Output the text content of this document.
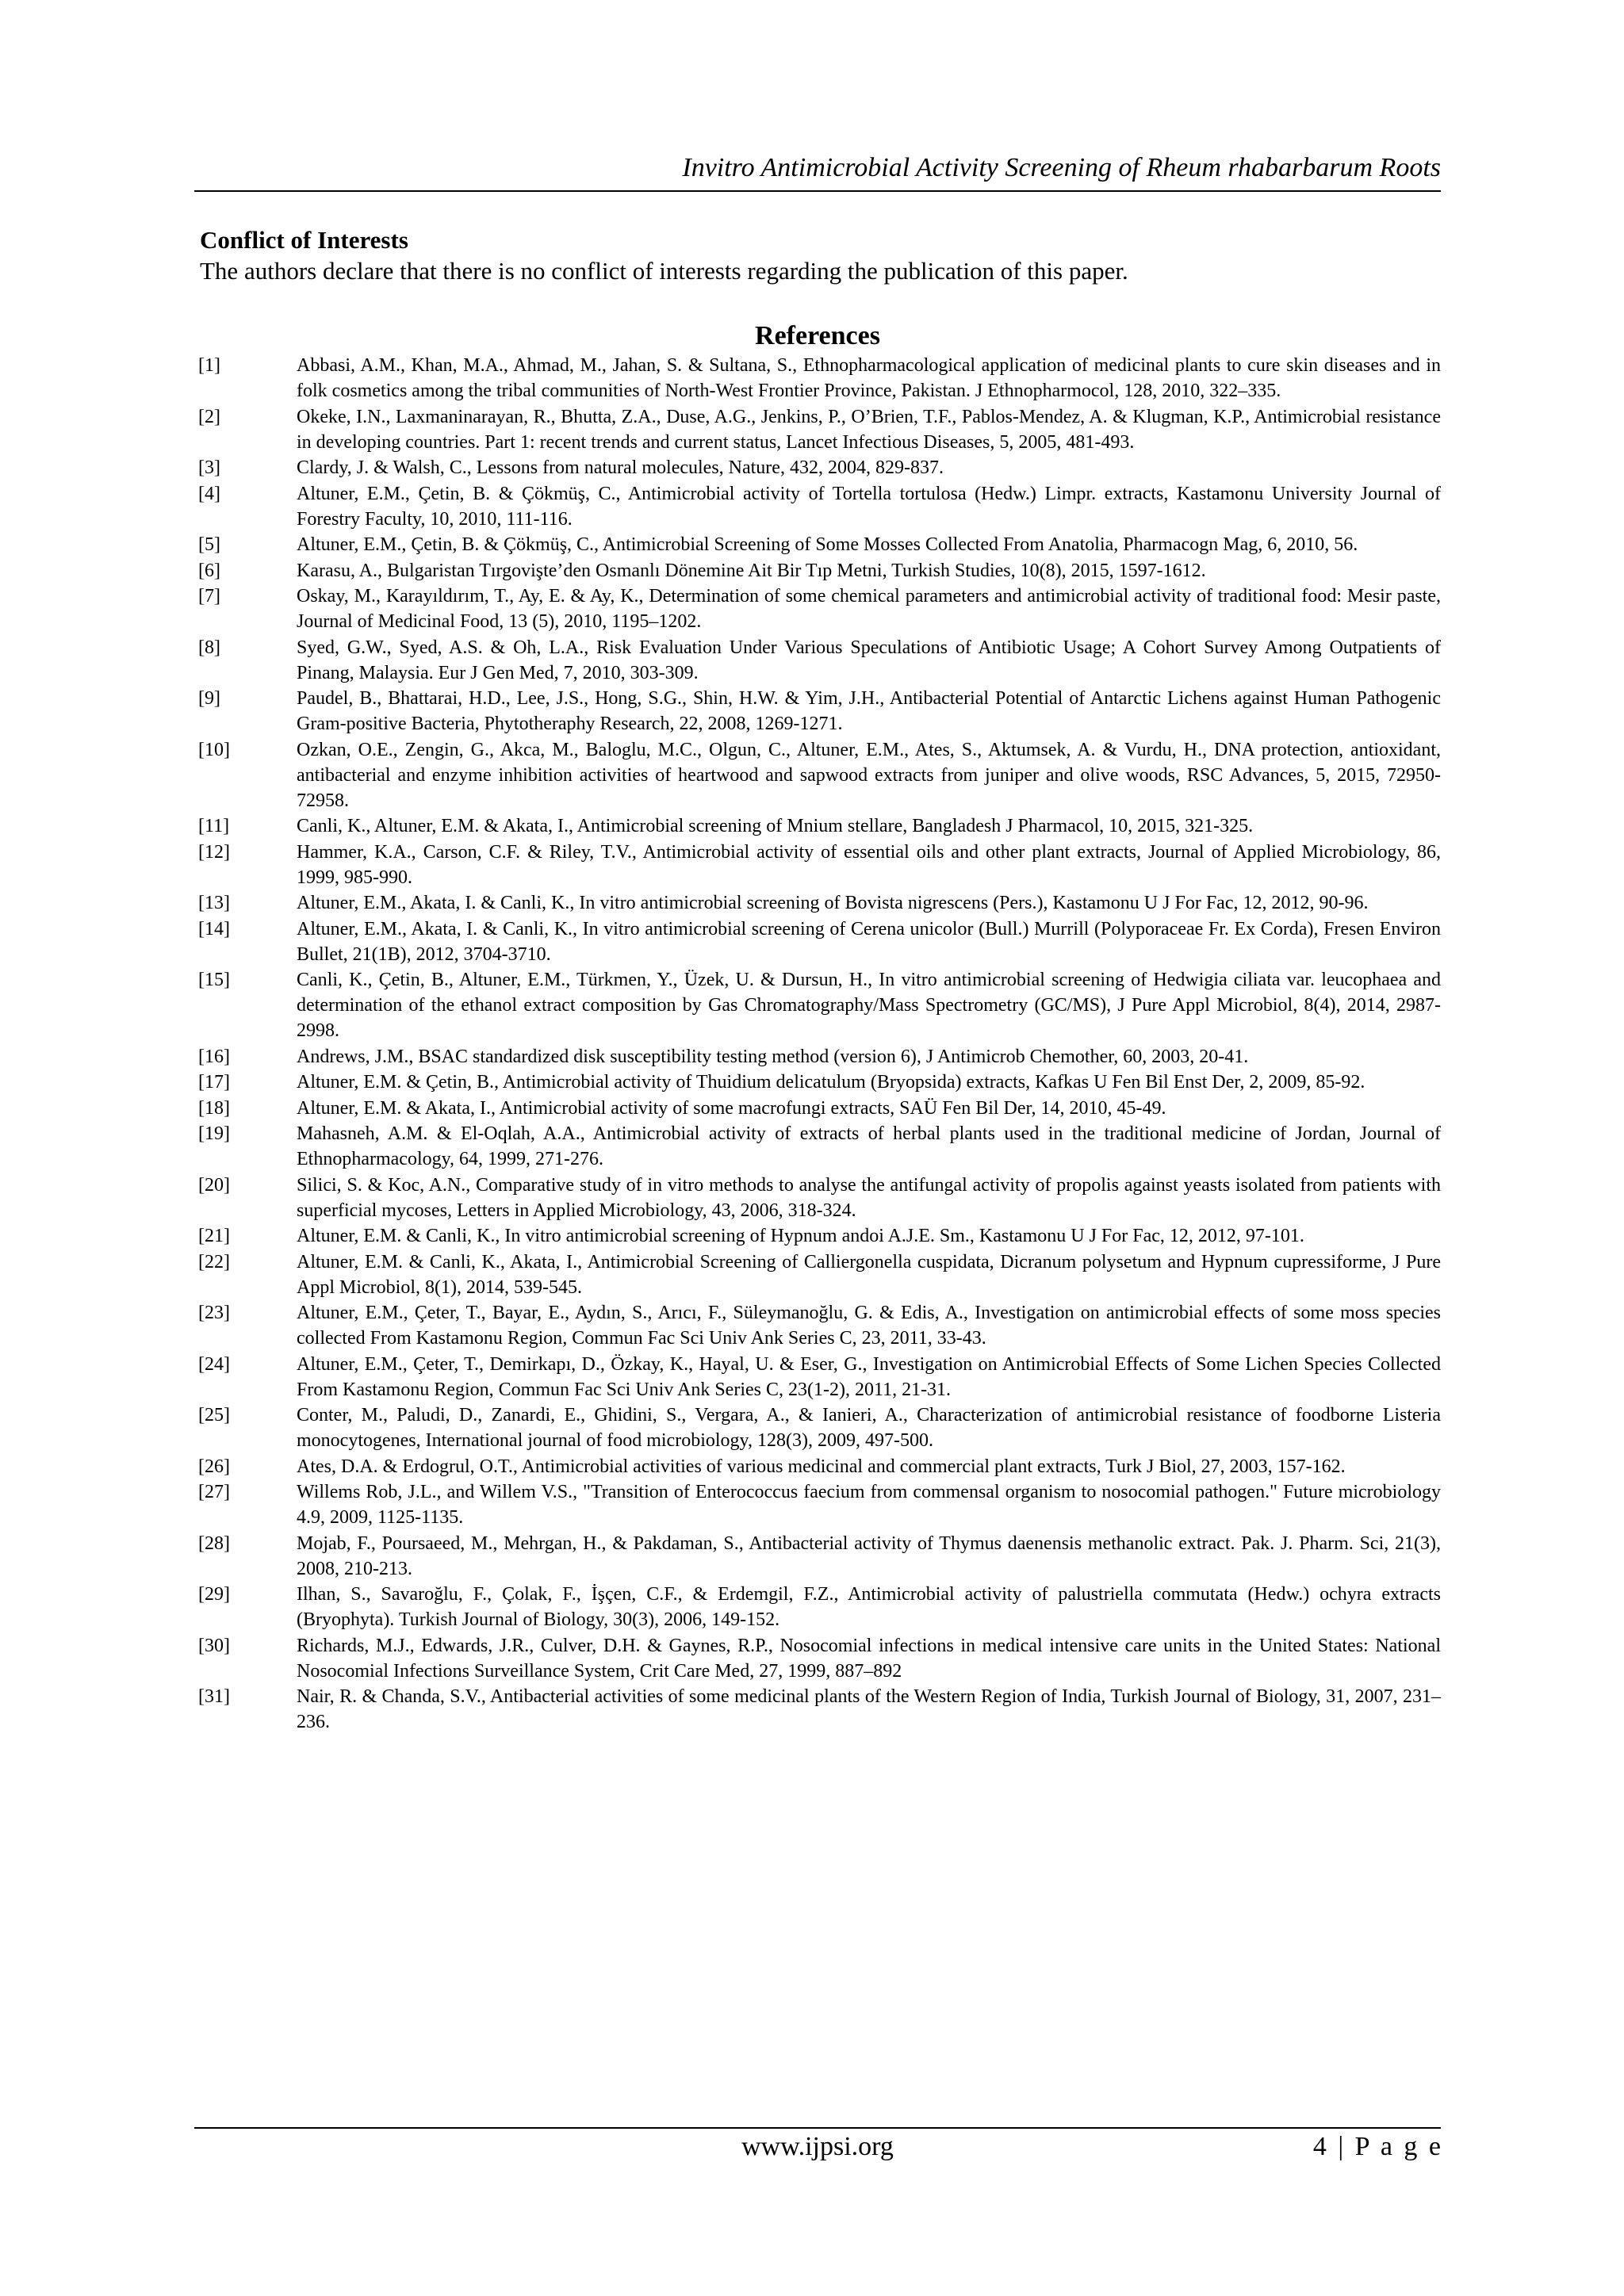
Invitro Antimicrobial Activity Screening of Rheum rhabarbarum Roots
Conflict of Interests
The authors declare that there is no conflict of interests regarding the publication of this paper.
References
[1]	Abbasi, A.M., Khan, M.A., Ahmad, M., Jahan, S. & Sultana, S., Ethnopharmacological application of medicinal plants to cure skin diseases and in folk cosmetics among the tribal communities of North-West Frontier Province, Pakistan. J Ethnopharmocol, 128, 2010, 322–335.
[2]	Okeke, I.N., Laxmaninarayan, R., Bhutta, Z.A., Duse, A.G., Jenkins, P., O’Brien, T.F., Pablos-Mendez, A. & Klugman, K.P., Antimicrobial resistance in developing countries. Part 1: recent trends and current status, Lancet Infectious Diseases, 5, 2005, 481-493.
[3]	Clardy, J. & Walsh, C., Lessons from natural molecules, Nature, 432, 2004, 829-837.
[4]	Altuner, E.M., Çetin, B. & Çökmüş, C., Antimicrobial activity of Tortella tortulosa (Hedw.) Limpr. extracts, Kastamonu University Journal of Forestry Faculty, 10, 2010, 111-116.
[5]	Altuner, E.M., Çetin, B. & Çökmüş, C., Antimicrobial Screening of Some Mosses Collected From Anatolia, Pharmacogn Mag, 6, 2010, 56.
[6]	Karasu, A., Bulgaristan Tırgovişte’den Osmanlı Dönemine Ait Bir Tıp Metni, Turkish Studies, 10(8), 2015, 1597-1612.
[7]	Oskay, M., Karayıldırım, T., Ay, E. & Ay, K., Determination of some chemical parameters and antimicrobial activity of traditional food: Mesir paste, Journal of Medicinal Food, 13 (5), 2010, 1195–1202.
[8]	Syed, G.W., Syed, A.S. & Oh, L.A., Risk Evaluation Under Various Speculations of Antibiotic Usage; A Cohort Survey Among Outpatients of Pinang, Malaysia. Eur J Gen Med, 7, 2010, 303-309.
[9]	Paudel, B., Bhattarai, H.D., Lee, J.S., Hong, S.G., Shin, H.W. & Yim, J.H., Antibacterial Potential of Antarctic Lichens against Human Pathogenic Gram-positive Bacteria, Phytotheraphy Research, 22, 2008, 1269-1271.
[10]	Ozkan, O.E., Zengin, G., Akca, M., Baloglu, M.C., Olgun, C., Altuner, E.M., Ates, S., Aktumsek, A. & Vurdu, H., DNA protection, antioxidant, antibacterial and enzyme inhibition activities of heartwood and sapwood extracts from juniper and olive woods, RSC Advances, 5, 2015, 72950-72958.
[11]	Canli, K., Altuner, E.M. & Akata, I., Antimicrobial screening of Mnium stellare, Bangladesh J Pharmacol, 10, 2015, 321-325.
[12]	Hammer, K.A., Carson, C.F. & Riley, T.V., Antimicrobial activity of essential oils and other plant extracts, Journal of Applied Microbiology, 86, 1999, 985-990.
[13]	Altuner, E.M., Akata, I. & Canli, K., In vitro antimicrobial screening of Bovista nigrescens (Pers.), Kastamonu U J For Fac, 12, 2012, 90-96.
[14]	Altuner, E.M., Akata, I. & Canli, K., In vitro antimicrobial screening of Cerena unicolor (Bull.) Murrill (Polyporaceae Fr. Ex Corda), Fresen Environ Bullet, 21(1B), 2012, 3704-3710.
[15]	Canli, K., Çetin, B., Altuner, E.M., Türkmen, Y., Üzek, U. & Dursun, H., In vitro antimicrobial screening of Hedwigia ciliata var. leucophaea and determination of the ethanol extract composition by Gas Chromatography/Mass Spectrometry (GC/MS), J Pure Appl Microbiol, 8(4), 2014, 2987-2998.
[16]	Andrews, J.M., BSAC standardized disk susceptibility testing method (version 6), J Antimicrob Chemother, 60, 2003, 20-41.
[17]	Altuner, E.M. & Çetin, B., Antimicrobial activity of Thuidium delicatulum (Bryopsida) extracts, Kafkas U Fen Bil Enst Der, 2, 2009, 85-92.
[18]	Altuner, E.M. & Akata, I., Antimicrobial activity of some macrofungi extracts, SAÜ Fen Bil Der, 14, 2010, 45-49.
[19]	Mahasneh, A.M. & El-Oqlah, A.A., Antimicrobial activity of extracts of herbal plants used in the traditional medicine of Jordan, Journal of Ethnopharmacology, 64, 1999, 271-276.
[20]	Silici, S. & Koc, A.N., Comparative study of in vitro methods to analyse the antifungal activity of propolis against yeasts isolated from patients with superficial mycoses, Letters in Applied Microbiology, 43, 2006, 318-324.
[21]	Altuner, E.M. & Canli, K., In vitro antimicrobial screening of Hypnum andoi A.J.E. Sm., Kastamonu U J For Fac, 12, 2012, 97-101.
[22]	Altuner, E.M. & Canli, K., Akata, I., Antimicrobial Screening of Calliergonella cuspidata, Dicranum polysetum and Hypnum cupressiforme, J Pure Appl Microbiol, 8(1), 2014, 539-545.
[23]	Altuner, E.M., Çeter, T., Bayar, E., Aydın, S., Arıcı, F., Süleymanoğlu, G. & Edis, A., Investigation on antimicrobial effects of some moss species collected From Kastamonu Region, Commun Fac Sci Univ Ank Series C, 23, 2011, 33-43.
[24]	Altuner, E.M., Çeter, T., Demirkapı, D., Özkay, K., Hayal, U. & Eser, G., Investigation on Antimicrobial Effects of Some Lichen Species Collected From Kastamonu Region, Commun Fac Sci Univ Ank Series C, 23(1-2), 2011, 21-31.
[25]	Conter, M., Paludi, D., Zanardi, E., Ghidini, S., Vergara, A., & Ianieri, A., Characterization of antimicrobial resistance of foodborne Listeria monocytogenes, International journal of food microbiology, 128(3), 2009, 497-500.
[26]	Ates, D.A. & Erdogrul, O.T., Antimicrobial activities of various medicinal and commercial plant extracts, Turk J Biol, 27, 2003, 157-162.
[27]	Willems Rob, J.L., and Willem V.S., "Transition of Enterococcus faecium from commensal organism to nosocomial pathogen." Future microbiology 4.9, 2009, 1125-1135.
[28]	Mojab, F., Poursaeed, M., Mehrgan, H., & Pakdaman, S., Antibacterial activity of Thymus daenensis methanolic extract. Pak. J. Pharm. Sci, 21(3), 2008, 210-213.
[29]	Ilhan, S., Savaroğlu, F., Çolak, F., İşçen, C.F., & Erdemgil, F.Z., Antimicrobial activity of palustriella commutata (Hedw.) ochyra extracts (Bryophyta). Turkish Journal of Biology, 30(3), 2006, 149-152.
[30]	Richards, M.J., Edwards, J.R., Culver, D.H. & Gaynes, R.P., Nosocomial infections in medical intensive care units in the United States: National Nosocomial Infections Surveillance System, Crit Care Med, 27, 1999, 887–892
[31]	Nair, R. & Chanda, S.V., Antibacterial activities of some medicinal plants of the Western Region of India, Turkish Journal of Biology, 31, 2007, 231–236.
www.ijpsi.org	4 | P a g e
